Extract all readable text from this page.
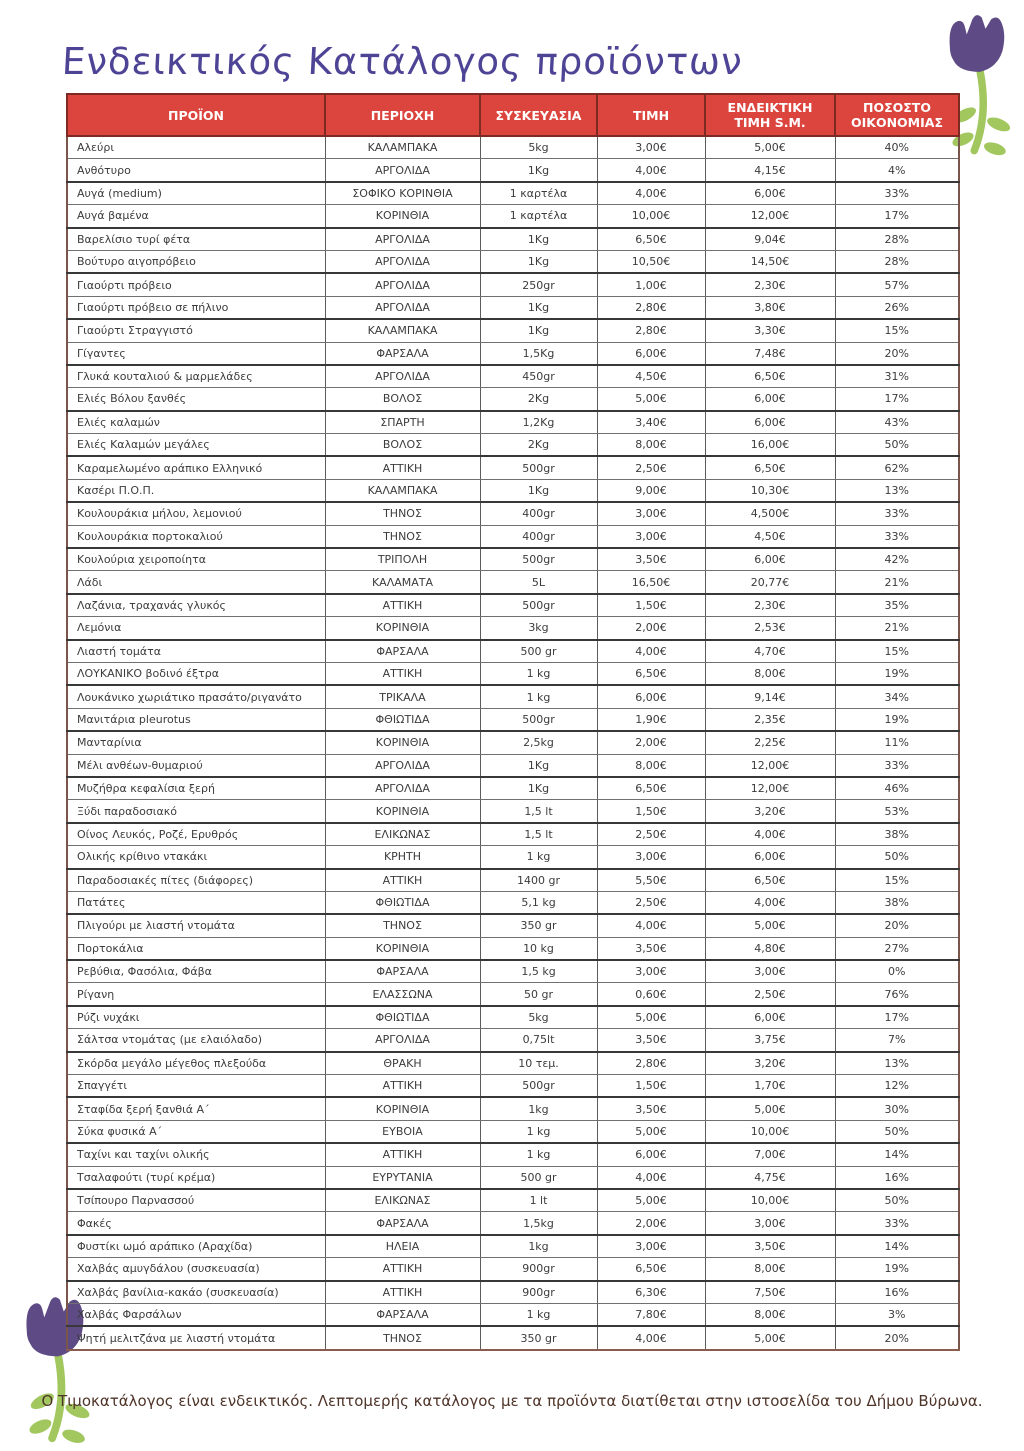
Ενδεικτικός Κατάλογος προϊόντων
ΠΡΟΪΟΝ	ΠΕΡΙΟΧΗ	ΣΥΣΚΕΥΑΣΙΑ	ΤΙΜΗ	ΕΝΔΕΙΚΤΙΚΗ ΤΙΜΗ S.M.	ΠΟΣΟΣΤΟ ΟΙΚΟΝΟΜΙΑΣ
Αλεύρι	ΚΑΛΑΜΠΑΚΑ	5kg	3,00€	5,00€	40%
Ανθότυρο	ΑΡΓΟΛΙΔΑ	1Kg	4,00€	4,15€	4%
Αυγά (medium)	ΣΟΦΙΚΟ ΚΟΡΙΝΘΙΑ	1 καρτέλα	4,00€	6,00€	33%
Αυγά βαμένα	ΚΟΡΙΝΘΙΑ	1 καρτέλα	10,00€	12,00€	17%
Βαρελίσιο τυρί φέτα	ΑΡΓΟΛΙΔΑ	1Kg	6,50€	9,04€	28%
Βούτυρο αιγοπρόβειο	ΑΡΓΟΛΙΔΑ	1Kg	10,50€	14,50€	28%
Γιαούρτι πρόβειο	ΑΡΓΟΛΙΔΑ	250gr	1,00€	2,30€	57%
Γιαούρτι πρόβειο σε πήλινο	ΑΡΓΟΛΙΔΑ	1Kg	2,80€	3,80€	26%
Γιαούρτι Στραγγιστό	ΚΑΛΑΜΠΑΚΑ	1Kg	2,80€	3,30€	15%
Γίγαντες	ΦΑΡΣΑΛΑ	1,5Kg	6,00€	7,48€	20%
Γλυκά κουταλιού & μαρμελάδες	ΑΡΓΟΛΙΔΑ	450gr	4,50€	6,50€	31%
Ελιές Βόλου ξανθές	ΒΟΛΟΣ	2Kg	5,00€	6,00€	17%
Ελιές καλαμών	ΣΠΑΡΤΗ	1,2Kg	3,40€	6,00€	43%
Ελιές Καλαμών μεγάλες	ΒΟΛΟΣ	2Kg	8,00€	16,00€	50%
Καραμελωμένο αράπικο Ελληνικό	ΑΤΤΙΚΗ	500gr	2,50€	6,50€	62%
Κασέρι Π.Ο.Π.	ΚΑΛΑΜΠΑΚΑ	1Kg	9,00€	10,30€	13%
Κουλουράκια μήλου, λεμονιού	ΤΗΝΟΣ	400gr	3,00€	4,500€	33%
Κουλουράκια πορτοκαλιού	ΤΗΝΟΣ	400gr	3,00€	4,50€	33%
Κουλούρια χειροποίητα	ΤΡΙΠΟΛΗ	500gr	3,50€	6,00€	42%
Λάδι	ΚΑΛΑΜΑΤΑ	5L	16,50€	20,77€	21%
Λαζάνια, τραχανάς γλυκός	ΑΤΤΙΚΗ	500gr	1,50€	2,30€	35%
Λεμόνια	ΚΟΡΙΝΘΙΑ	3kg	2,00€	2,53€	21%
Λιαστή τομάτα	ΦΑΡΣΑΛΑ	500 gr	4,00€	4,70€	15%
ΛΟΥΚΑΝΙΚΟ βοδινό έξτρα	ΑΤΤΙΚΗ	1 kg	6,50€	8,00€	19%
Λουκάνικο χωριάτικο πρασάτο/ριγανάτο	ΤΡΙΚΑΛΑ	1 kg	6,00€	9,14€	34%
Μανιτάρια pleurotus	ΦΘΙΩΤΙΔΑ	500gr	1,90€	2,35€	19%
Μανταρίνια	ΚΟΡΙΝΘΙΑ	2,5kg	2,00€	2,25€	11%
Μέλι ανθέων-θυμαριού	ΑΡΓΟΛΙΔΑ	1Kg	8,00€	12,00€	33%
Μυζήθρα κεφαλίσια ξερή	ΑΡΓΟΛΙΔΑ	1Kg	6,50€	12,00€	46%
Ξύδι παραδοσιακό	ΚΟΡΙΝΘΙΑ	1,5 lt	1,50€	3,20€	53%
Οίνος Λευκός, Ροζέ, Ερυθρός	ΕΛΙΚΩΝΑΣ	1,5 lt	2,50€	4,00€	38%
Ολικής κρίθινο ντακάκι	ΚΡΗΤΗ	1 kg	3,00€	6,00€	50%
Παραδοσιακές πίτες (διάφορες)	ΑΤΤΙΚΗ	1400 gr	5,50€	6,50€	15%
Πατάτες	ΦΘΙΩΤΙΔΑ	5,1 kg	2,50€	4,00€	38%
Πλιγούρι με λιαστή ντομάτα	ΤΗΝΟΣ	350 gr	4,00€	5,00€	20%
Πορτοκάλια	ΚΟΡΙΝΘΙΑ	10 kg	3,50€	4,80€	27%
Ρεβύθια, Φασόλια, Φάβα	ΦΑΡΣΑΛΑ	1,5 kg	3,00€	3,00€	0%
Ρίγανη	ΕΛΑΣΣΩΝΑ	50 gr	0,60€	2,50€	76%
Ρύζι νυχάκι	ΦΘΙΩΤΙΔΑ	5kg	5,00€	6,00€	17%
Σάλτσα ντομάτας (με ελαιόλαδο)	ΑΡΓΟΛΙΔΑ	0,75lt	3,50€	3,75€	7%
Σκόρδα μεγάλο μέγεθος πλεξούδα	ΘΡΑΚΗ	10 τεμ.	2,80€	3,20€	13%
Σπαγγέτι	ΑΤΤΙΚΗ	500gr	1,50€	1,70€	12%
Σταφίδα ξερή ξανθιά Α΄	ΚΟΡΙΝΘΙΑ	1kg	3,50€	5,00€	30%
Σύκα φυσικά Α΄	ΕΥΒΟΙΑ	1 kg	5,00€	10,00€	50%
Ταχίνι και ταχίνι ολικής	ΑΤΤΙΚΗ	1 kg	6,00€	7,00€	14%
Τσαλαφούτι (τυρί κρέμα)	ΕΥΡΥΤΑΝΙΑ	500 gr	4,00€	4,75€	16%
Τσίπουρο Παρνασσού	ΕΛΙΚΩΝΑΣ	1 lt	5,00€	10,00€	50%
Φακές	ΦΑΡΣΑΛΑ	1,5kg	2,00€	3,00€	33%
Φυστίκι ωμό αράπικο (Αραχίδα)	ΗΛΕΙΑ	1kg	3,00€	3,50€	14%
Χαλβάς αμυγδάλου (συσκευασία)	ΑΤΤΙΚΗ	900gr	6,50€	8,00€	19%
Χαλβάς βανίλια-κακάο (συσκευασία)	ΑΤΤΙΚΗ	900gr	6,30€	7,50€	16%
Χαλβάς Φαρσάλων	ΦΑΡΣΑΛΑ	1 kg	7,80€	8,00€	3%
Ψητή μελιτζάνα με λιαστή ντομάτα	ΤΗΝΟΣ	350 gr	4,00€	5,00€	20%
Ο Τιμοκατάλογος είναι ενδεικτικός. Λεπτομερής κατάλογος με τα προϊόντα διατίθεται στην ιστοσελίδα του Δήμου Βύρωνα.
